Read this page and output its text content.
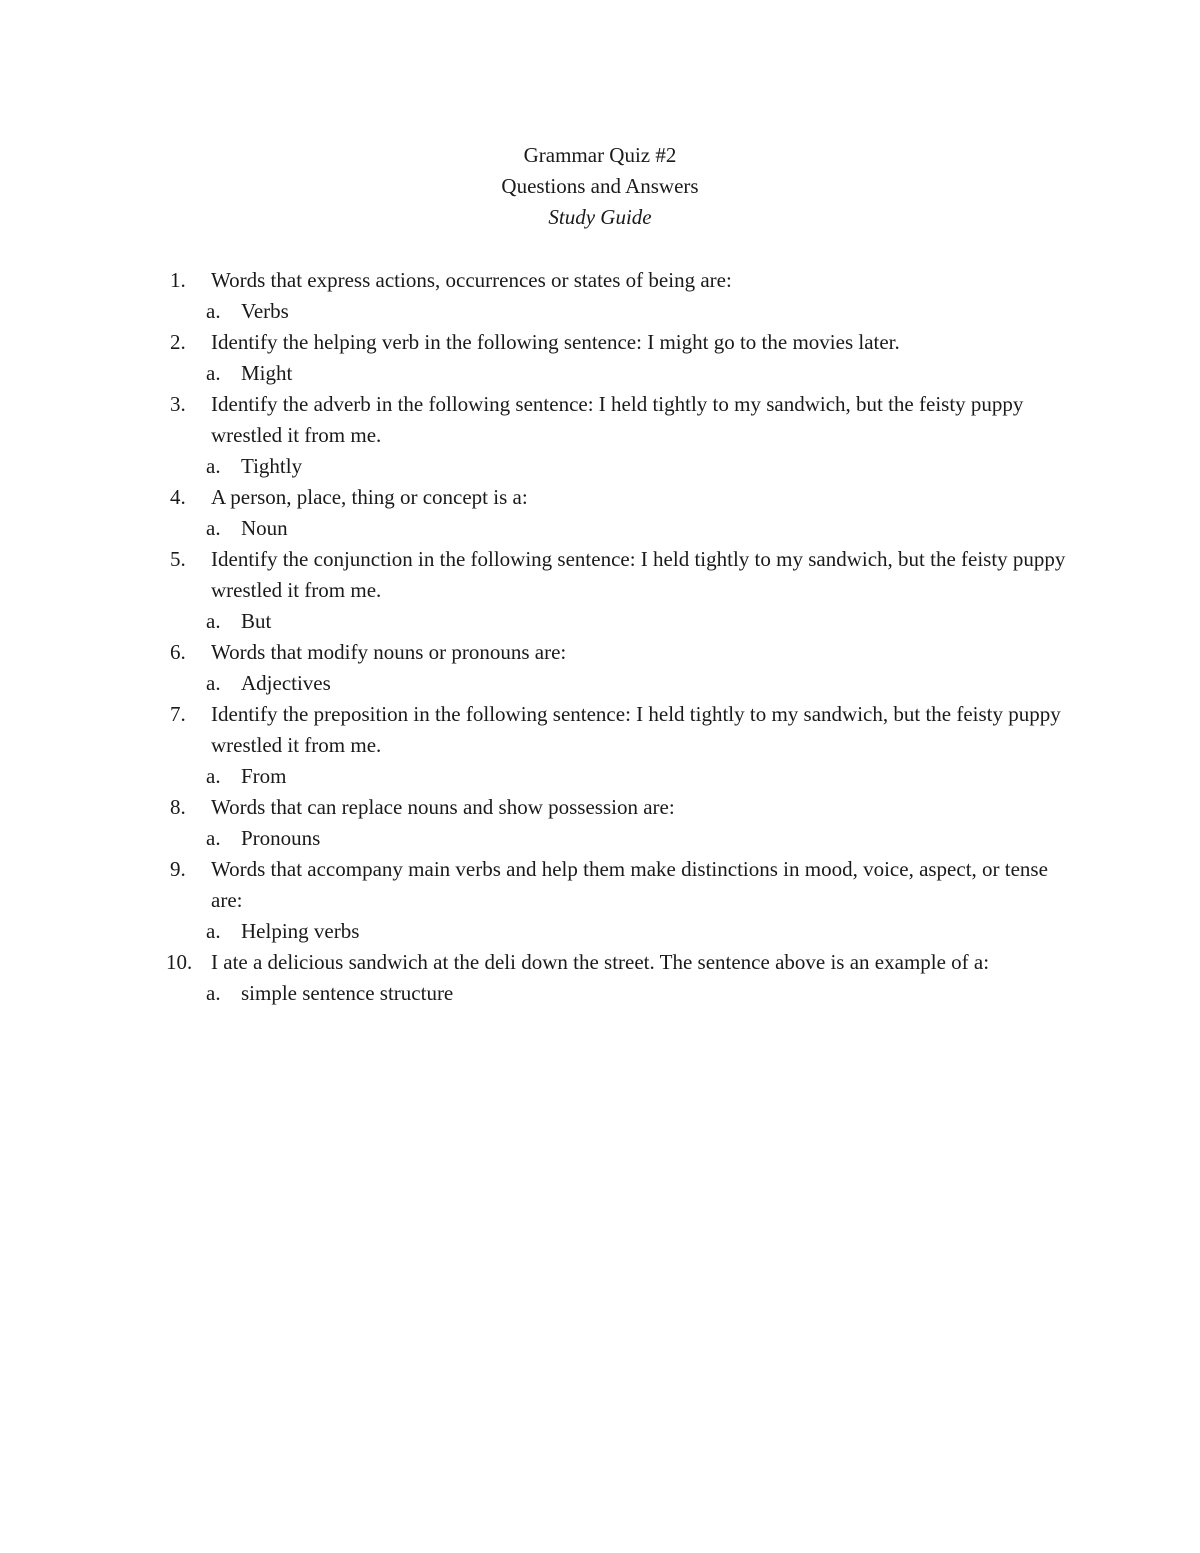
Grammar Quiz #2
Questions and Answers
Study Guide
1.	Words that express actions, occurrences or states of being are:
a. Verbs
2.	Identify the helping verb in the following sentence: I might go to the movies later.
a. Might
3.	Identify the adverb in the following sentence: I held tightly to my sandwich, but the feisty puppy wrestled it from me.
a. Tightly
4.	A person, place, thing or concept is a:
a. Noun
5.	Identify the conjunction in the following sentence: I held tightly to my sandwich, but the feisty puppy wrestled it from me.
a. But
6.	Words that modify nouns or pronouns are:
a. Adjectives
7.	Identify the preposition in the following sentence: I held tightly to my sandwich, but the feisty puppy wrestled it from me.
a. From
8.	Words that can replace nouns and show possession are:
a. Pronouns
9.	Words that accompany main verbs and help them make distinctions in mood, voice, aspect, or tense are:
a. Helping verbs
10. I ate a delicious sandwich at the deli down the street. The sentence above is an example of a:
a. simple sentence structure
